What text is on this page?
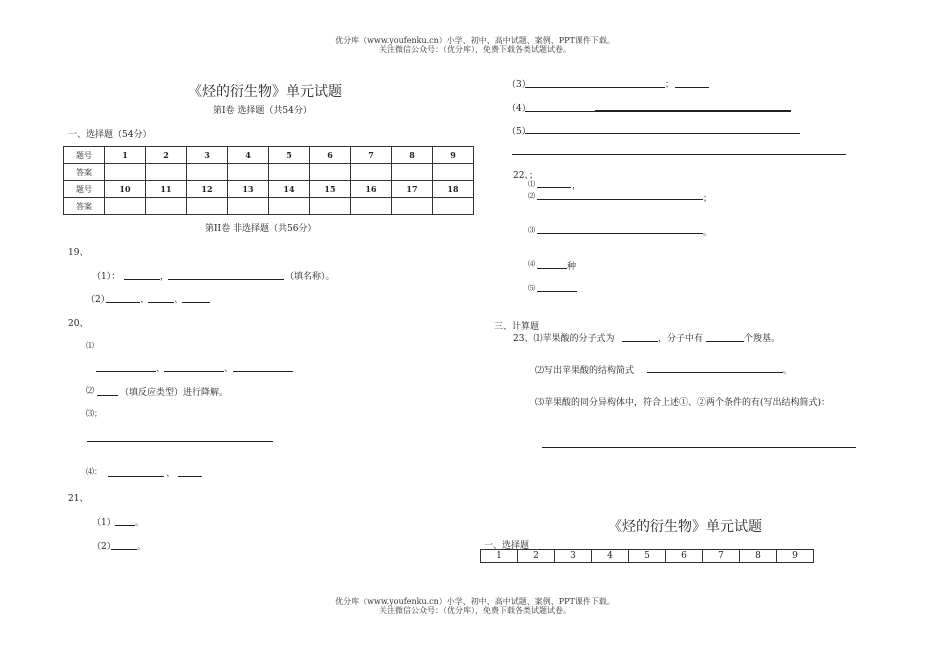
优分库（www.youfenku.cn）小学、初中、高中试题、案例、PPT课件下载。
关注微信公众号：（优分库），免费下载各类试题试卷。
《烃的衍生物》单元试题
第Ⅰ卷 选择题（共54分）
一、选择题（54分）
题号	1	2	3	4	5	6	7	8	9
答案									
题号	10	11	12	13	14	15	16	17	18
答案									
第II卷 非选择题（共56分）
19、
（1）：	，	（填名称）。
（2）	、	、
20、
⑴
、	、
⑵	（填反应类型）进行降解。
⑶；
⑷：	、
21、
（1） 。
（2） 。
（3）	；
（4）
（5）
22、；
⑴	，
⑵	；
⑶	。
⑷	种
⑸
三、计算题
23、⑴苹果酸的分子式为	，分子中有	个羧基。
⑵写出苹果酸的结构简式	。
⑶苹果酸的同分异构体中，符合上述①、②两个条件的有(写出结构简式)：
《烃的衍生物》单元试题
一、选择题
1	2	3	4	5	6	7	8	9
优分库（www.youfenku.cn）小学、初中、高中试题、案例、PPT课件下载。
关注微信公众号：（优分库），免费下载各类试题试卷。
